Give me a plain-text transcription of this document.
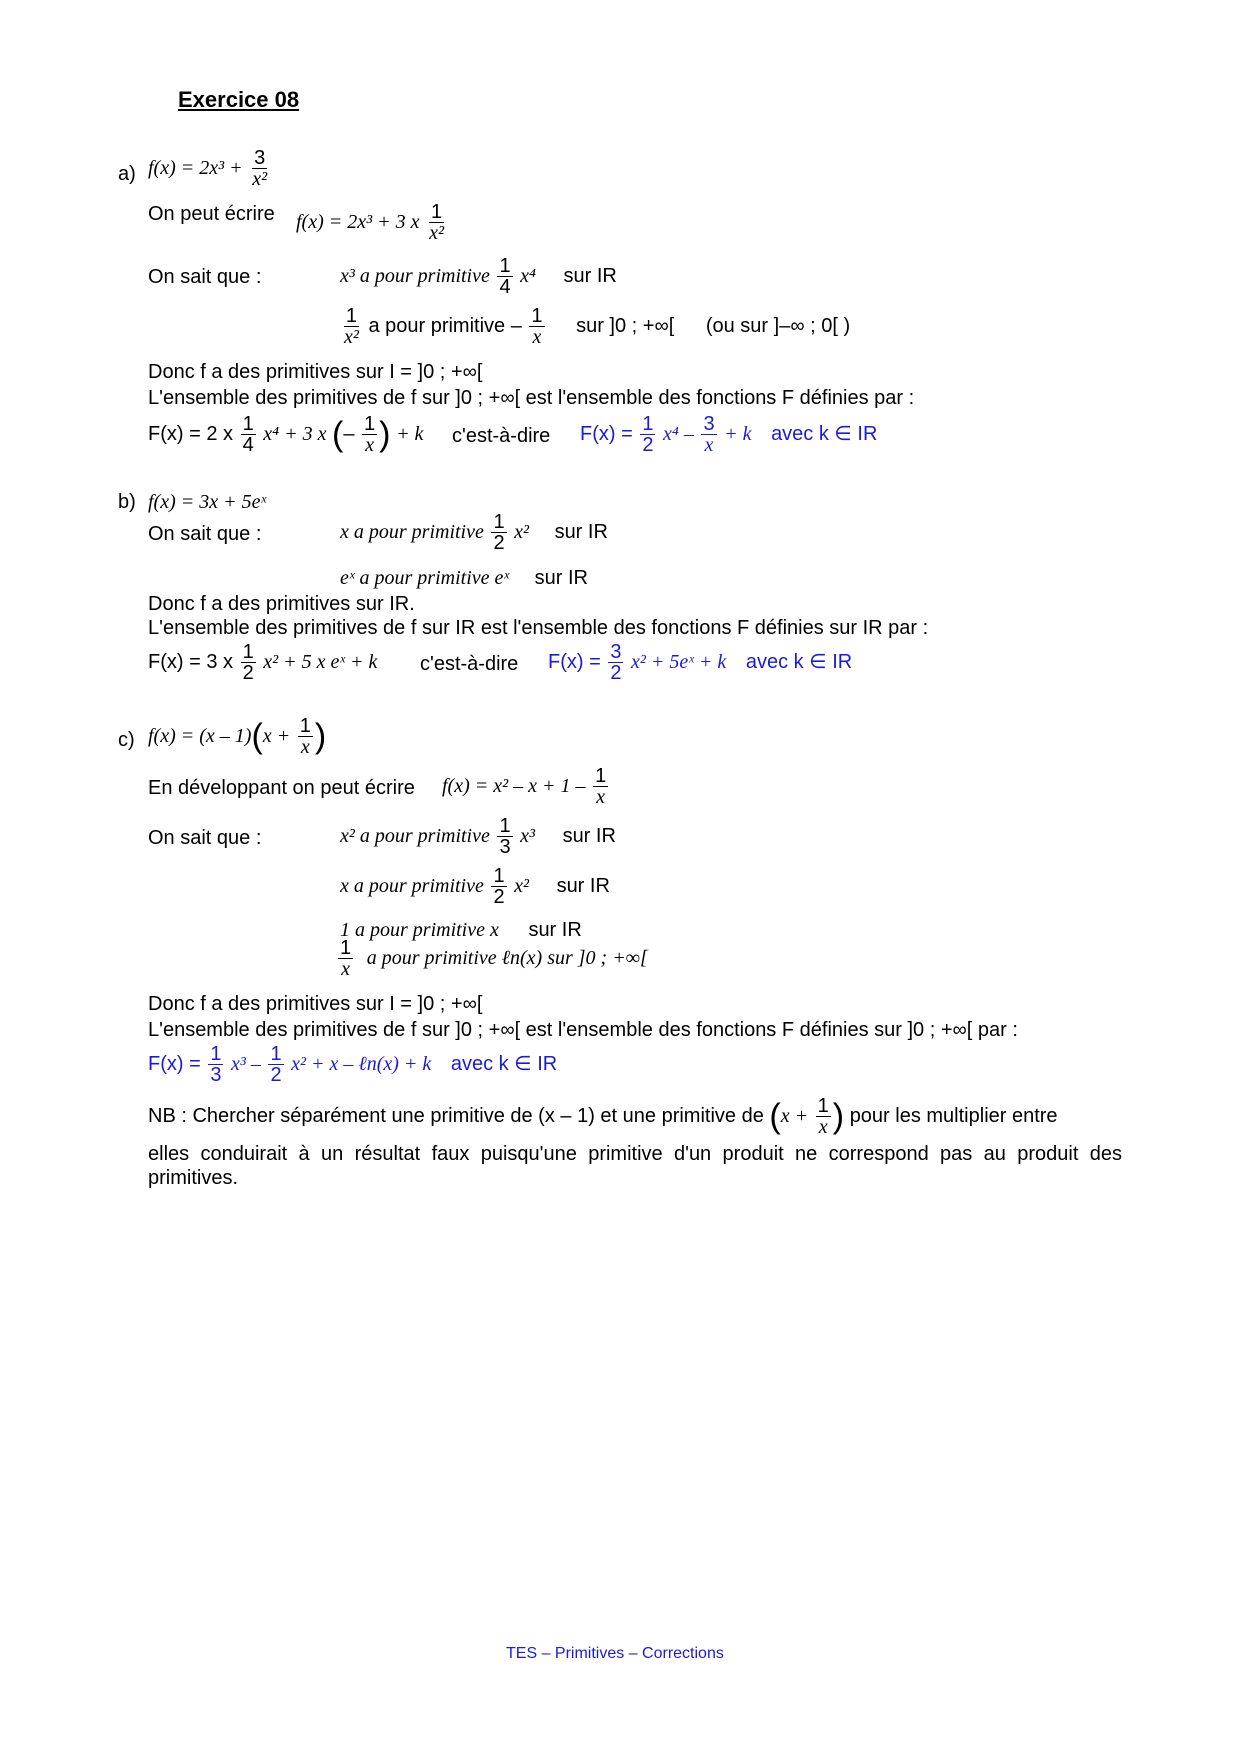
Exercice 08
a) $f(x) = 2x^3 + \frac{3}{\text{x²}}$
On peut écrire f(x) = 2x³ + 3 x $\frac{1}{\text{x²}}$
On sait que :	x³ a pour primitive $\frac{1}{4} x^4$ sur IR
$\frac{1}{\text{x²}}$ a pour primitive – $\frac{1}{x}$ sur ]0 ; +∞[ (ou sur ]–∞ ; 0[ )
Donc f a des primitives sur I = ]0 ; +∞[
L'ensemble des primitives de f sur ]0 ; +∞[ est l'ensemble des fonctions F définies par :
F(x) = 2 x $\frac{1}{4} x^4 + 3$ x (– $\frac{1}{x}$ ) + k c'est-à-dire $F(x) = \frac{1}{2} x^4 - \frac{3}{x} + k$ avec k ∈ IR
b) f(x) = 3x + 5eˣ
On sait que :	x a pour primitive $\frac{1}{2} x^2$ sur IR
eˣ a pour primitive eˣ sur IR
Donc f a des primitives sur IR.
L'ensemble des primitives de f sur IR est l'ensemble des fonctions F définies sur IR par :
F(x) = 3 x $\frac{1}{2} x^2 + 5$ x eˣ + k c'est-à-dire $F(x) = \frac{3}{2} x^2$ + 5eˣ + k avec k ∈ IR
c) $f(x) = (x - 1)(x + \frac{1}{x}$ )
En développant on peut écrire $f(x) = x^2 - x + 1 - \frac{1}{x}$
On sait que :	x² a pour primitive $\frac{1}{3} x^3$ sur IR
x a pour primitive $\frac{1}{2} x^2$ sur IR
1 a pour primitive x sur IR
$\frac{1}{x}$ a pour primitive ℓn(x) sur ]0 ; +∞[
Donc f a des primitives sur I = ]0 ; +∞[
L'ensemble des primitives de f sur ]0 ; +∞[ est l'ensemble des fonctions F définies sur ]0 ; +∞[ par :
$F(x) = \frac{1}{3} x^3 - \frac{1}{2} x^2 + x$ – ℓn(x) + k avec k ∈ IR
NB : Chercher séparément une primitive de (x – 1) et une primitive de ($x + \frac{1}{x}$ ) pour les multiplier entre
elles conduirait à un résultat faux puisqu'une primitive d'un produit ne correspond pas au produit des primitives.
TES – Primitives – Corrections
